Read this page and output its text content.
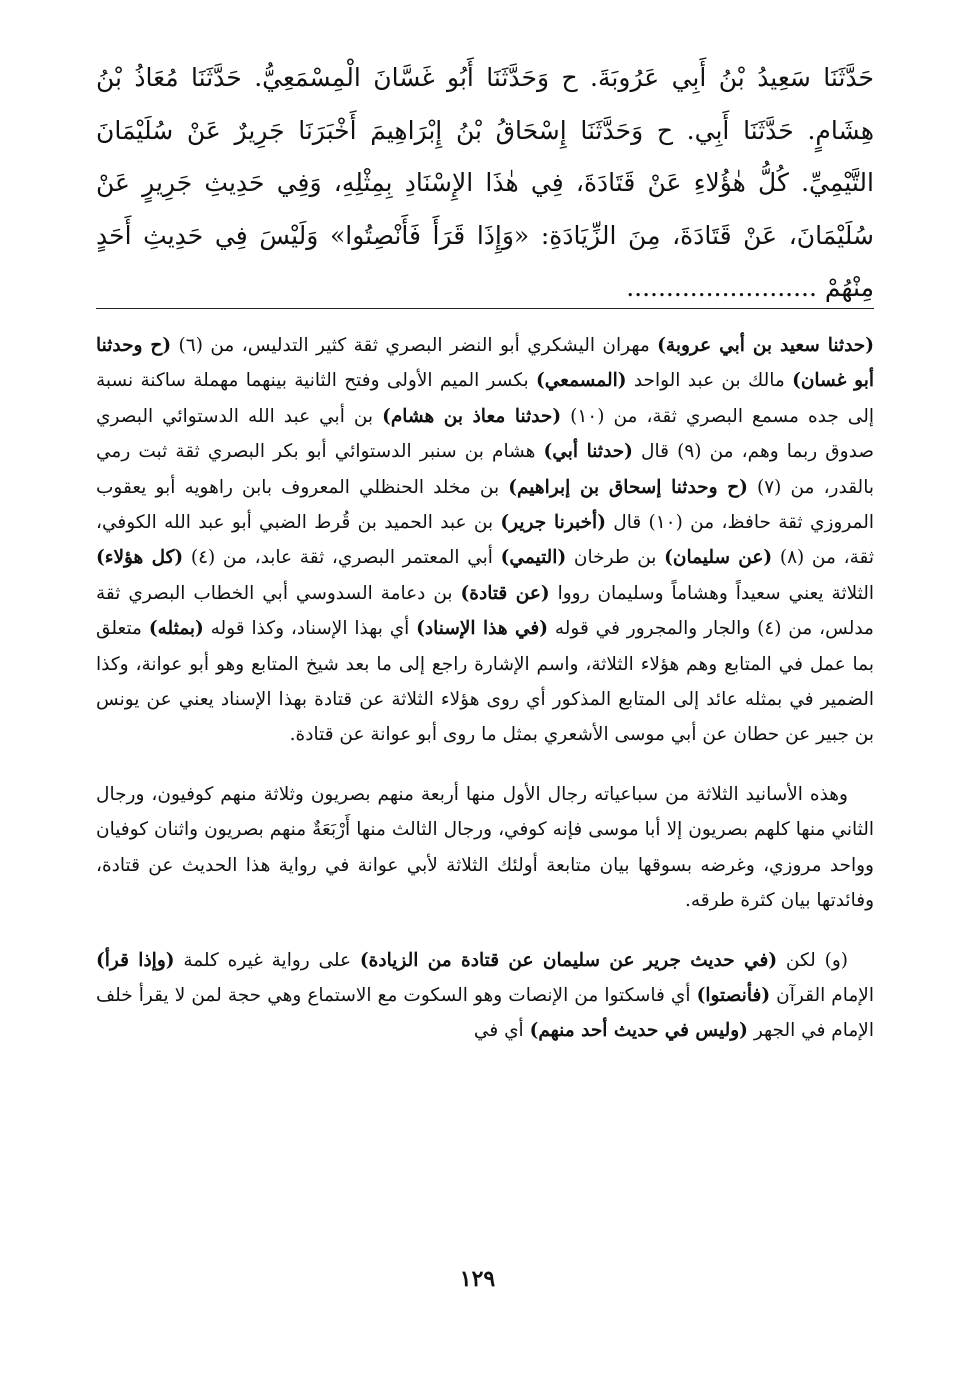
حَدَّثَنَا سَعِيدُ بْنُ أَبِي عَرُوبَةَ. ح وَحَدَّثَنَا أَبُو غَسَّانَ الْمِسْمَعِيُّ. حَدَّثَنَا مُعَاذُ بْنُ هِشَامٍ. حَدَّثَنَا أَبِي. ح وَحَدَّثَنَا إِسْحَاقُ بْنُ إِبْرَاهِيمَ أَخْبَرَنَا جَرِيرٌ عَنْ سُلَيْمَانَ التَّيْمِيِّ. كُلُّ هٰؤُلاءِ عَنْ قَتَادَةَ، فِي هٰذَا الإِسْنَادِ بِمِثْلِهِ، وَفِي حَدِيثِ جَرِيرٍ عَنْ سُلَيْمَانَ، عَنْ قَتَادَةَ، مِنَ الزِّيَادَةِ: «وَإِذَا قَرَأَ فَأَنْصِتُوا» وَلَيْسَ فِي حَدِيثِ أَحَدٍ مِنْهُمْ ........................

(حدثنا سعيد بن أبي عروبة) مهران اليشكري أبو النضر البصري ثقة كثير التدليس، من (٦) (ح وحدثنا أبو غسان) مالك بن عبد الواحد (المسمعي) بكسر الميم الأولى وفتح الثانية بينهما مهملة ساكنة نسبة إلى جده مسمع البصري ثقة، من (١٠) (حدثنا معاذ بن هشام) بن أبي عبد الله الدستوائي البصري صدوق ربما وهم، من (٩) قال (حدثنا أبي) هشام بن سنبر الدستوائي أبو بكر البصري ثقة ثبت رمي بالقدر، من (٧) (ح وحدثنا إسحاق بن إبراهيم) بن مخلد الحنظلي المعروف بابن راهويه أبو يعقوب المروزي ثقة حافظ، من (١٠) قال (أخبرنا جرير) بن عبد الحميد بن قُرط الضبي أبو عبد الله الكوفي، ثقة، من (٨) (عن سليمان) بن طرخان (التيمي) أبي المعتمر البصري، ثقة عابد، من (٤) (كل هؤلاء) الثلاثة يعني سعيداً وهشاماً وسليمان رووا (عن قتادة) بن دعامة السدوسي أبي الخطاب البصري ثقة مدلس، من (٤) والجار والمجرور في قوله (في هذا الإسناد) أي بهذا الإسناد، وكذا قوله (بمثله) متعلق بما عمل في المتابع وهم هؤلاء الثلاثة، واسم الإشارة راجع إلى ما بعد شيخ المتابع وهو أبو عوانة، وكذا الضمير في بمثله عائد إلى المتابع المذكور أي روى هؤلاء الثلاثة عن قتادة بهذا الإسناد يعني عن يونس بن جبير عن حطان عن أبي موسى الأشعري بمثل ما روى أبو عوانة عن قتادة.

وهذه الأسانيد الثلاثة من سباعياته رجال الأول منها أربعة منهم بصريون وثلاثة منهم كوفيون، ورجال الثاني منها كلهم بصريون إلا أبا موسى فإنه كوفي، ورجال الثالث منها أَرْبَعَةٌ منهم بصريون واثنان كوفيان وواحد مروزي، وغرضه بسوقها بيان متابعة أولئك الثلاثة لأبي عوانة في رواية هذا الحديث عن قتادة، وفائدتها بيان كثرة طرقه.

(و) لكن (في حديث جرير عن سليمان عن قتادة من الزيادة) على رواية غيره كلمة (وإذا قرأ) الإمام القرآن (فأنصتوا) أي فاسكتوا من الإنصات وهو السكوت مع الاستماع وهي حجة لمن لا يقرأ خلف الإمام في الجهر (وليس في حديث أحد منهم) أي في

١٢٩
